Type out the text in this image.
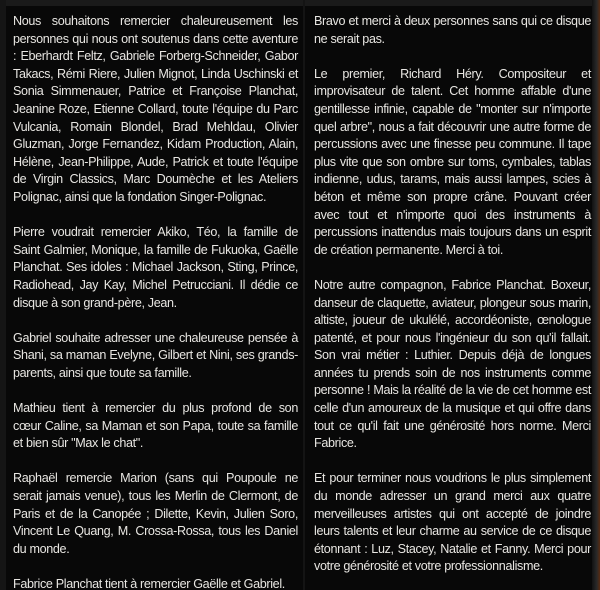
Nous souhaitons remercier chaleureusement les personnes qui nous ont soutenus dans cette aventure : Eberhardt Feltz, Gabriele Forberg-Schneider, Gabor Takacs, Rémi Riere, Julien Mignot, Linda Uschinski et Sonia Simmenauer, Patrice et Françoise Planchat, Jeanine Roze, Etienne Collard, toute l'équipe du Parc Vulcania, Romain Blondel, Brad Mehldau, Olivier Gluzman, Jorge Fernandez, Kidam Production, Alain, Hélène, Jean-Philippe, Aude, Patrick et toute l'équipe de Virgin Classics, Marc Doumèche et les Ateliers Polignac, ainsi que la fondation Singer-Polignac.

Pierre voudrait remercier Akiko, Téo, la famille de Saint Galmier, Monique, la famille de Fukuoka, Gaëlle Planchat. Ses idoles : Michael Jackson, Sting, Prince, Radiohead, Jay Kay, Michel Petrucciani. Il dédie ce disque à son grand-père, Jean.

Gabriel souhaite adresser une chaleureuse pensée à Shani, sa maman Evelyne, Gilbert et Nini, ses grands-parents, ainsi que toute sa famille.

Mathieu tient à remercier du plus profond de son cœur Caline, sa Maman et son Papa, toute sa famille et bien sûr "Max le chat".

Raphaël remercie Marion (sans qui Poupoule ne serait jamais venue), tous les Merlin de Clermont, de Paris et de la Canopée ; Dilette, Kevin, Julien Soro, Vincent Le Quang, M. Crossa-Rossa, tous les Daniel du monde.

Fabrice Planchat tient à remercier Gaëlle et Gabriel.

Bravo et merci à deux personnes sans qui ce disque ne serait pas.

Le premier, Richard Héry. Compositeur et improvisateur de talent. Cet homme affable d'une gentillesse infinie, capable de "monter sur n'importe quel arbre", nous a fait découvrir une autre forme de percussions avec une finesse peu commune. Il tape plus vite que son ombre sur toms, cymbales, tablas indienne, udus, tarams, mais aussi lampes, scies à béton et même son propre crâne. Pouvant créer avec tout et n'importe quoi des instruments à percussions inattendus mais toujours dans un esprit de création permanente. Merci à toi.

Notre autre compagnon, Fabrice Planchat. Boxeur, danseur de claquette, aviateur, plongeur sous marin, altiste, joueur de ukulélé, accordéoniste, œnologue patenté, et pour nous l'ingénieur du son qu'il fallait. Son vrai métier : Luthier. Depuis déjà de longues années tu prends soin de nos instruments comme personne ! Mais la réalité de la vie de cet homme est celle d'un amoureux de la musique et qui offre dans tout ce qu'il fait une générosité hors norme. Merci Fabrice.

Et pour terminer nous voudrions le plus simplement du monde adresser un grand merci aux quatre merveilleuses artistes qui ont accepté de joindre leurs talents et leur charme au service de ce disque étonnant : Luz, Stacey, Natalie et Fanny. Merci pour votre générosité et votre professionnalisme.
